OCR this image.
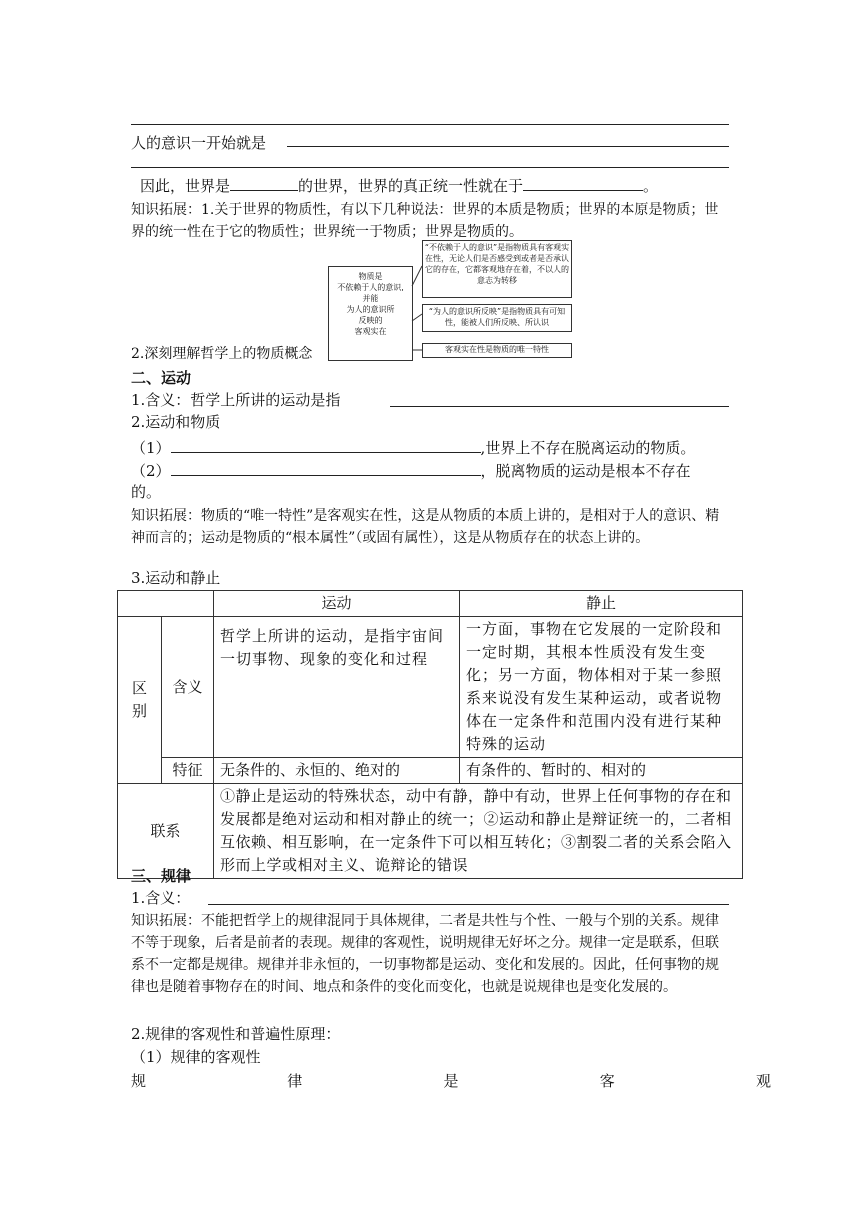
人的意识一开始就是
因此，世界是	的世界，世界的真正统一性就在于	。
知识拓展：1.关于世界的物质性，有以下几种说法：世界的本质是物质；世界的本原是物质；世界的统一性在于它的物质性；世界统一于物质；世界是物质的。
物质是
不依赖于人的意识,
并能
为人的意识所
反映的
客观实在
“不依赖于人的意识”是指物质具有客观实在性，无论人们是否感受到或者是否承认它的存在，它都客观地存在着，不以人的意志为转移
“为人的意识所反映”是指物质具有可知性，能被人们所反映、所认识
客观实在性是物质的唯一特性
2.深刻理解哲学上的物质概念
二、运动
1.含义：哲学上所讲的运动是指
2.运动和物质
（1）	,世界上不存在脱离运动的物质。
（2）	，脱离物质的运动是根本不存在
的。
知识拓展：物质的“唯一特性”是客观实在性，这是从物质的本质上讲的，是相对于人的意识、精神而言的；运动是物质的“根本属性”（或固有属性），这是从物质存在的状态上讲的。
3.运动和静止
		运动	静止
区别	含义	哲学上所讲的运动，是指宇宙间一切事物、现象的变化和过程	一方面，事物在它发展的一定阶段和一定时期，其根本性质没有发生变化；另一方面，物体相对于某一参照系来说没有发生某种运动，或者说物体在一定条件和范围内没有进行某种特殊的运动
	特征	无条件的、永恒的、绝对的	有条件的、暂时的、相对的
联系		①静止是运动的特殊状态，动中有静，静中有动，世界上任何事物的存在和发展都是绝对运动和相对静止的统一；②运动和静止是辩证统一的，二者相互依赖、相互影响，在一定条件下可以相互转化；③割裂二者的关系会陷入形而上学或相对主义、诡辩论的错误	
三、规律
1.含义：
知识拓展：不能把哲学上的规律混同于具体规律，二者是共性与个性、一般与个别的关系。规律不等于现象，后者是前者的表现。规律的客观性，说明规律无好坏之分。规律一定是联系，但联系不一定都是规律。规律并非永恒的，一切事物都是运动、变化和发展的。因此，任何事物的规律也是随着事物存在的时间、地点和条件的变化而变化，也就是说规律也是变化发展的。
2.规律的客观性和普遍性原理：
（1）规律的客观性
规	律	是	客	观
